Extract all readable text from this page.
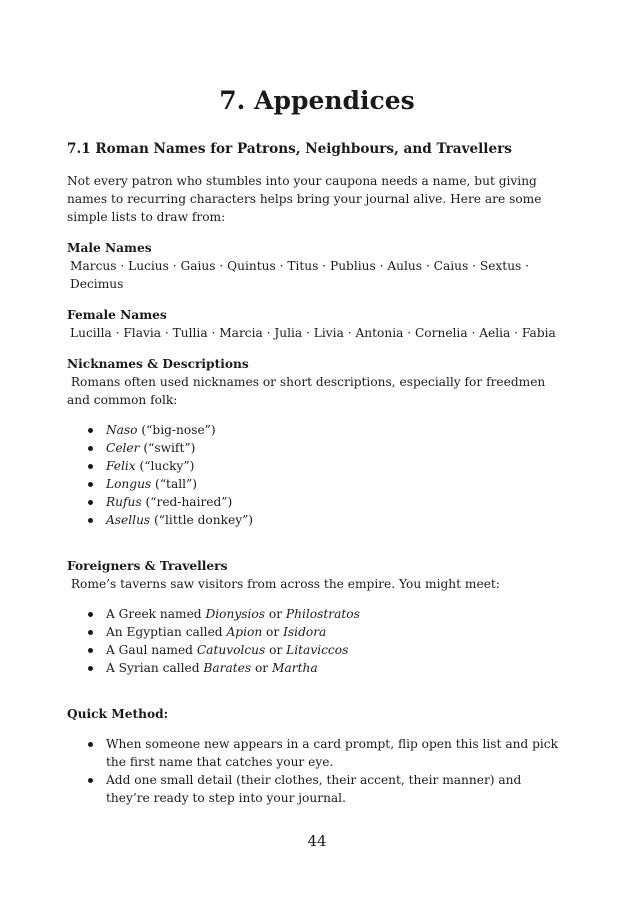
7. Appendices
7.1 Roman Names for Patrons, Neighbours, and Travellers

Not every patron who stumbles into your caupona needs a name, but giving names to recurring characters helps bring your journal alive. Here are some simple lists to draw from:

Male Names

Marcus · Lucius · Gaius · Quintus · Titus · Publius · Aulus · Caius · Sextus · Decimus

Female Names

Lucilla · Flavia · Tullia · Marcia · Julia · Livia · Antonia · Cornelia · Aelia · Fabia

Nicknames & Descriptions

Romans often used nicknames or short descriptions, especially for freedmen and common folk:

Naso (“big-nose”)
Celer (“swift”)
Felix (“lucky”)
Longus (“tall”)
Rufus (“red-haired”)
Asellus (“little donkey”)

Foreigners & Travellers

Rome’s taverns saw visitors from across the empire. You might meet:

A Greek named Dionysios or Philostratos
An Egyptian called Apion or Isidora
A Gaul named Catuvolcus or Litaviccos
A Syrian called Barates or Martha

Quick Method:

When someone new appears in a card prompt, flip open this list and pick the first name that catches your eye.
Add one small detail (their clothes, their accent, their manner) and they’re ready to step into your journal.
44
